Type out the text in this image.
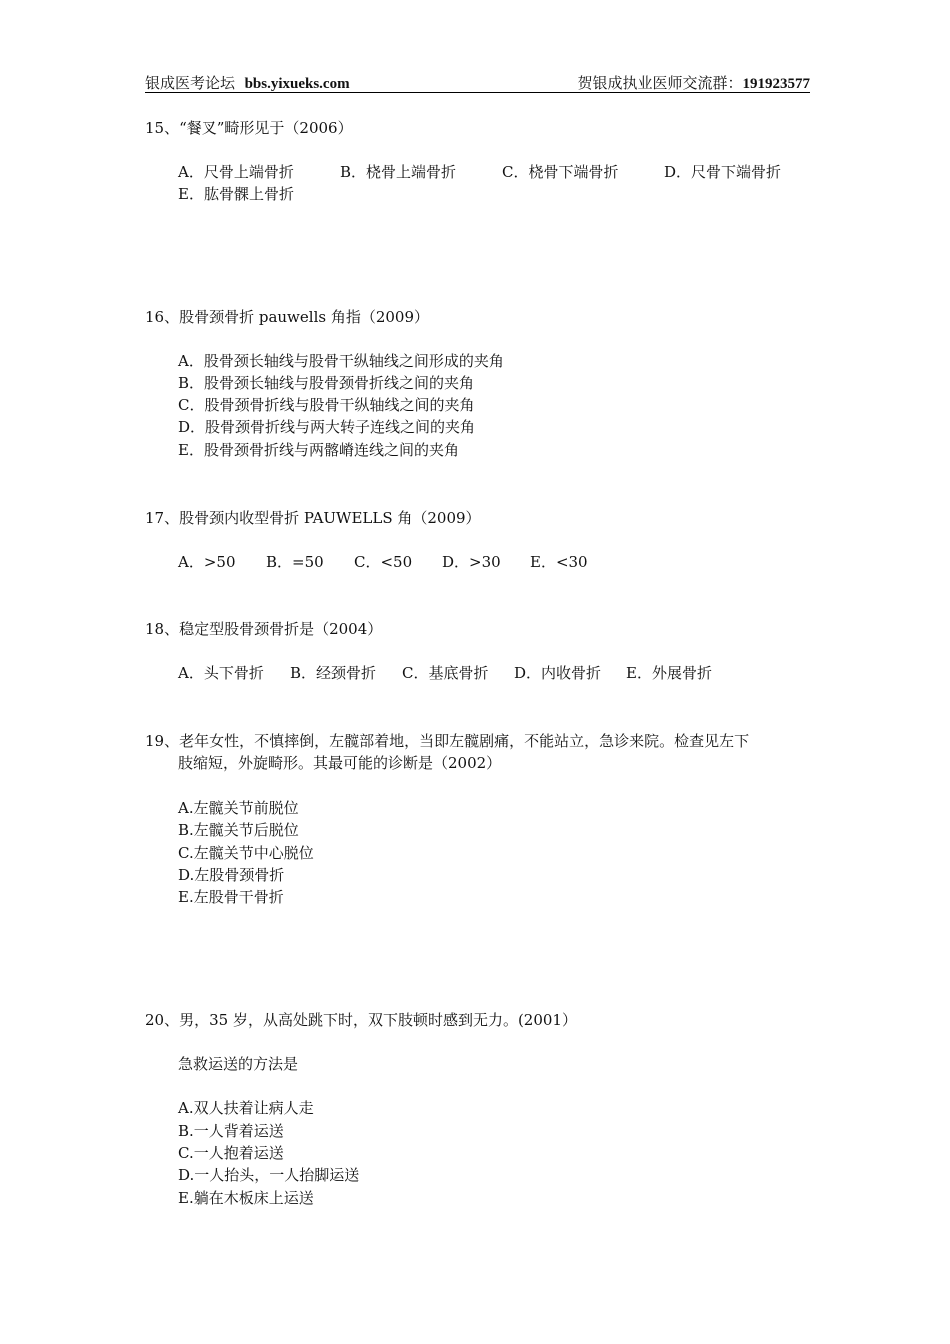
银成医考论坛 bbs.yixueks.com	贺银成执业医师交流群：191923577
15、“餐叉”畸形见于（2006）
A．尺骨上端骨折	B．桡骨上端骨折	C．桡骨下端骨折	D．尺骨下端骨折
E．肱骨髁上骨折
16、股骨颈骨折 pauwells 角指（2009）
A．股骨颈长轴线与股骨干纵轴线之间形成的夹角
B．股骨颈长轴线与股骨颈骨折线之间的夹角
C．股骨颈骨折线与股骨干纵轴线之间的夹角
D．股骨颈骨折线与两大转子连线之间的夹角
E．股骨颈骨折线与两髂嵴连线之间的夹角
17、股骨颈内收型骨折 PAUWELLS 角（2009）
A．>50 B．=50 C．<50 D．>30 E．<30
18、稳定型股骨颈骨折是（2004）
A．头下骨折 B．经颈骨折 C．基底骨折 D．内收骨折 E．外展骨折
19、老年女性，不慎摔倒，左髋部着地，当即左髋剧痛，不能站立，急诊来院。检查见左下
肢缩短，外旋畸形。其最可能的诊断是（2002）
A.左髋关节前脱位
B.左髋关节后脱位
C.左髋关节中心脱位
D.左股骨颈骨折
E.左股骨干骨折
20、男，35 岁，从高处跳下时，双下肢顿时感到无力。(2001）
急救运送的方法是
A.双人扶着让病人走
B.一人背着运送
C.一人抱着运送
D.一人抬头，一人抬脚运送
E.躺在木板床上运送
